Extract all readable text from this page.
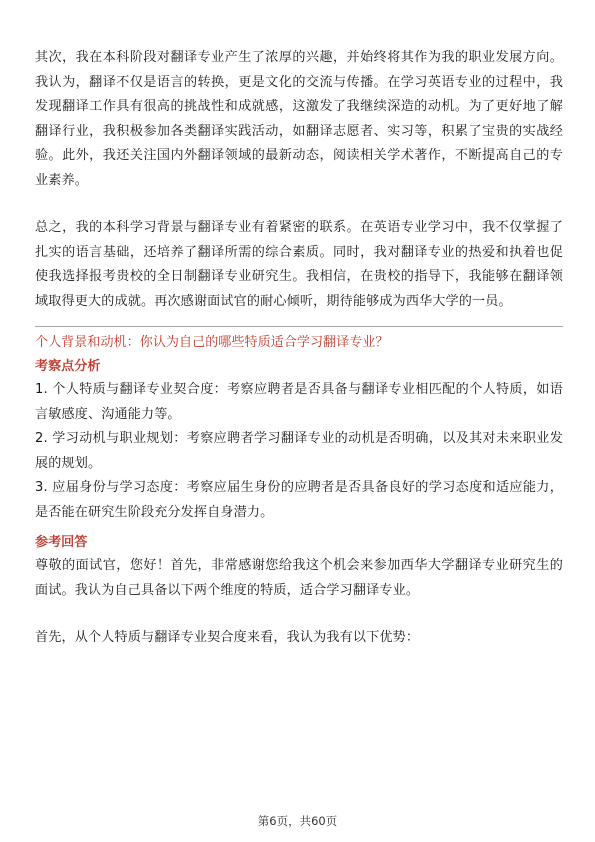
其次，我在本科阶段对翻译专业产生了浓厚的兴趣，并始终将其作为我的职业发展方向。我认为，翻译不仅是语言的转换，更是文化的交流与传播。在学习英语专业的过程中，我发现翻译工作具有很高的挑战性和成就感，这激发了我继续深造的动机。为了更好地了解翻译行业，我积极参加各类翻译实践活动，如翻译志愿者、实习等，积累了宝贵的实战经验。此外，我还关注国内外翻译领域的最新动态，阅读相关学术著作，不断提高自己的专业素养。

总之，我的本科学习背景与翻译专业有着紧密的联系。在英语专业学习中，我不仅掌握了扎实的语言基础，还培养了翻译所需的综合素质。同时，我对翻译专业的热爱和执着也促使我选择报考贵校的全日制翻译专业研究生。我相信，在贵校的指导下，我能够在翻译领域取得更大的成就。再次感谢面试官的耐心倾听，期待能够成为西华大学的一员。

个人背景和动机：你认为自己的哪些特质适合学习翻译专业？

考察点分析

1. 个人特质与翻译专业契合度：考察应聘者是否具备与翻译专业相匹配的个人特质，如语言敏感度、沟通能力等。

2. 学习动机与职业规划：考察应聘者学习翻译专业的动机是否明确，以及其对未来职业发展的规划。

3. 应届身份与学习态度：考察应届生身份的应聘者是否具备良好的学习态度和适应能力，是否能在研究生阶段充分发挥自身潜力。

参考回答

尊敬的面试官，您好！首先，非常感谢您给我这个机会来参加西华大学翻译专业研究生的面试。我认为自己具备以下两个维度的特质，适合学习翻译专业。

首先，从个人特质与翻译专业契合度来看，我认为我有以下优势：

第6页，共60页
